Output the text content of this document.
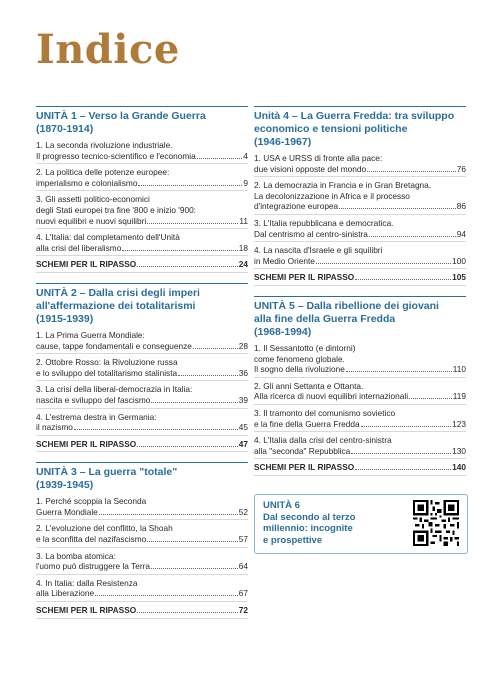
Indice
UNITÀ 1 – Verso la Grande Guerra
(1870-1914)
1. La seconda rivoluzione industriale.
Il progresso tecnico-scientifico e l'economia	4
2. La politica delle potenze europee:
imperialismo e colonialismo	9
3. Gli assetti politico-economici
degli Stati europei tra fine '800 e inizio '900:
nuovi equilibri e nuovi squilibri	11
4. L'Italia: dal completamento dell'Unità
alla crisi del liberalismo	18
SCHEMI PER IL RIPASSO	24
UNITÀ 2 – Dalla crisi degli imperi
all'affermazione dei totalitarismi
(1915-1939)
1. La Prima Guerra Mondiale:
cause, tappe fondamentali e conseguenze	28
2. Ottobre Rosso: la Rivoluzione russa
e lo sviluppo del totalitarismo stalinista	36
3. La crisi della liberal-democrazia in Italia:
nascita e sviluppo del fascismo	39
4. L'estrema destra in Germania:
il nazismo	45
SCHEMI PER IL RIPASSO	47
UNITÀ 3 – La guerra "totale"
(1939-1945)
1. Perché scoppia la Seconda
Guerra Mondiale	52
2. L'evoluzione del conflitto, la Shoah
e la sconfitta del nazifascismo	57
3. La bomba atomica:
l'uomo può distruggere la Terra	64
4. In Italia: dalla Resistenza
alla Liberazione	67
SCHEMI PER IL RIPASSO	72
Unità 4 – La Guerra Fredda: tra sviluppo
economico e tensioni politiche
(1946-1967)
1. USA e URSS di fronte alla pace:
due visioni opposte del mondo	76
2. La democrazia in Francia e in Gran Bretagna.
La decolonizzazione in Africa e il processo
d'integrazione europea	86
3. L'Italia repubblicana e democratica.
Dal centrismo al centro-sinistra	94
4. La nascita d'Israele e gli squilibri
in Medio Oriente	100
SCHEMI PER IL RIPASSO	105
UNITÀ 5 – Dalla ribellione dei giovani
alla fine della Guerra Fredda
(1968-1994)
1. Il Sessantotto (e dintorni)
come fenomeno globale.
Il sogno della rivoluzione	110
2. Gli anni Settanta e Ottanta.
Alla ricerca di nuovi equilibri internazionali	119
3. Il tramonto del comunismo sovietico
e la fine della Guerra Fredda	123
4. L'Italia dalla crisi del centro-sinistra
alla "seconda" Repubblica	130
SCHEMI PER IL RIPASSO	140
UNITÀ 6
Dal secondo al terzo
millennio: incognite
e prospettive
